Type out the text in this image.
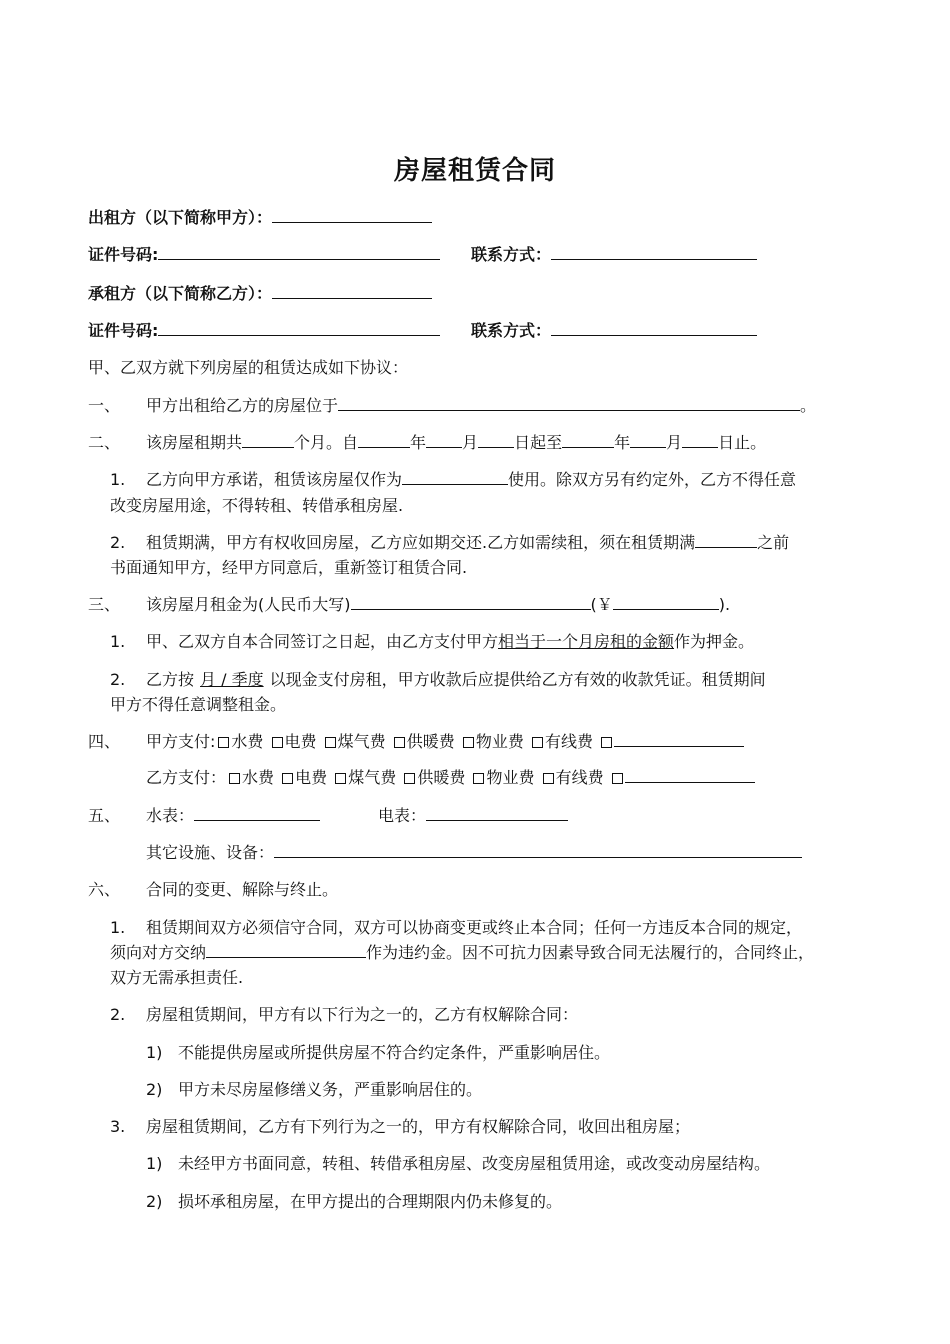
房屋租赁合同
出租方（以下简称甲方）：
证件号码:	联系方式：
承租方（以下简称乙方）：
证件号码:	联系方式：
甲、乙双方就下列房屋的租赁达成如下协议：
一、 甲方出租给乙方的房屋位于	。
二、 该房屋租期共	个月。自	年 月 日起至	年 月 日止。
1. 乙方向甲方承诺，租赁该房屋仅作为	使用。除双方另有约定外，乙方不得任意
改变房屋用途，不得转租、转借承租房屋.
2. 租赁期满，甲方有权收回房屋，乙方应如期交还.乙方如需续租，须在租赁期满	之前
书面通知甲方，经甲方同意后，重新签订租赁合同.
三、 该房屋月租金为(人民币大写)	(￥	).
1. 甲、乙双方自本合同签订之日起，由乙方支付甲方相当于一个月房租的金额作为押金。
2. 乙方按 月 / 季度 以现金支付房租，甲方收款后应提供给乙方有效的收款凭证。租赁期间
甲方不得任意调整租金。
四、 甲方支付: 水费 电费 煤气费 供暖费 物业费 有线费
乙方支付： 水费 电费 煤气费 供暖费 物业费 有线费
五、 水表：	电表：
其它设施、设备：
六、 合同的变更、解除与终止。
1. 租赁期间双方必须信守合同，双方可以协商变更或终止本合同；任何一方违反本合同的规定，
须向对方交纳	作为违约金。因不可抗力因素导致合同无法履行的，合同终止，
双方无需承担责任.
2. 房屋租赁期间，甲方有以下行为之一的，乙方有权解除合同：
1) 不能提供房屋或所提供房屋不符合约定条件，严重影响居住。
2) 甲方未尽房屋修缮义务，严重影响居住的。
3. 房屋租赁期间，乙方有下列行为之一的，甲方有权解除合同，收回出租房屋；
1) 未经甲方书面同意，转租、转借承租房屋、改变房屋租赁用途，或改变动房屋结构。
2) 损坏承租房屋，在甲方提出的合理期限内仍未修复的。
